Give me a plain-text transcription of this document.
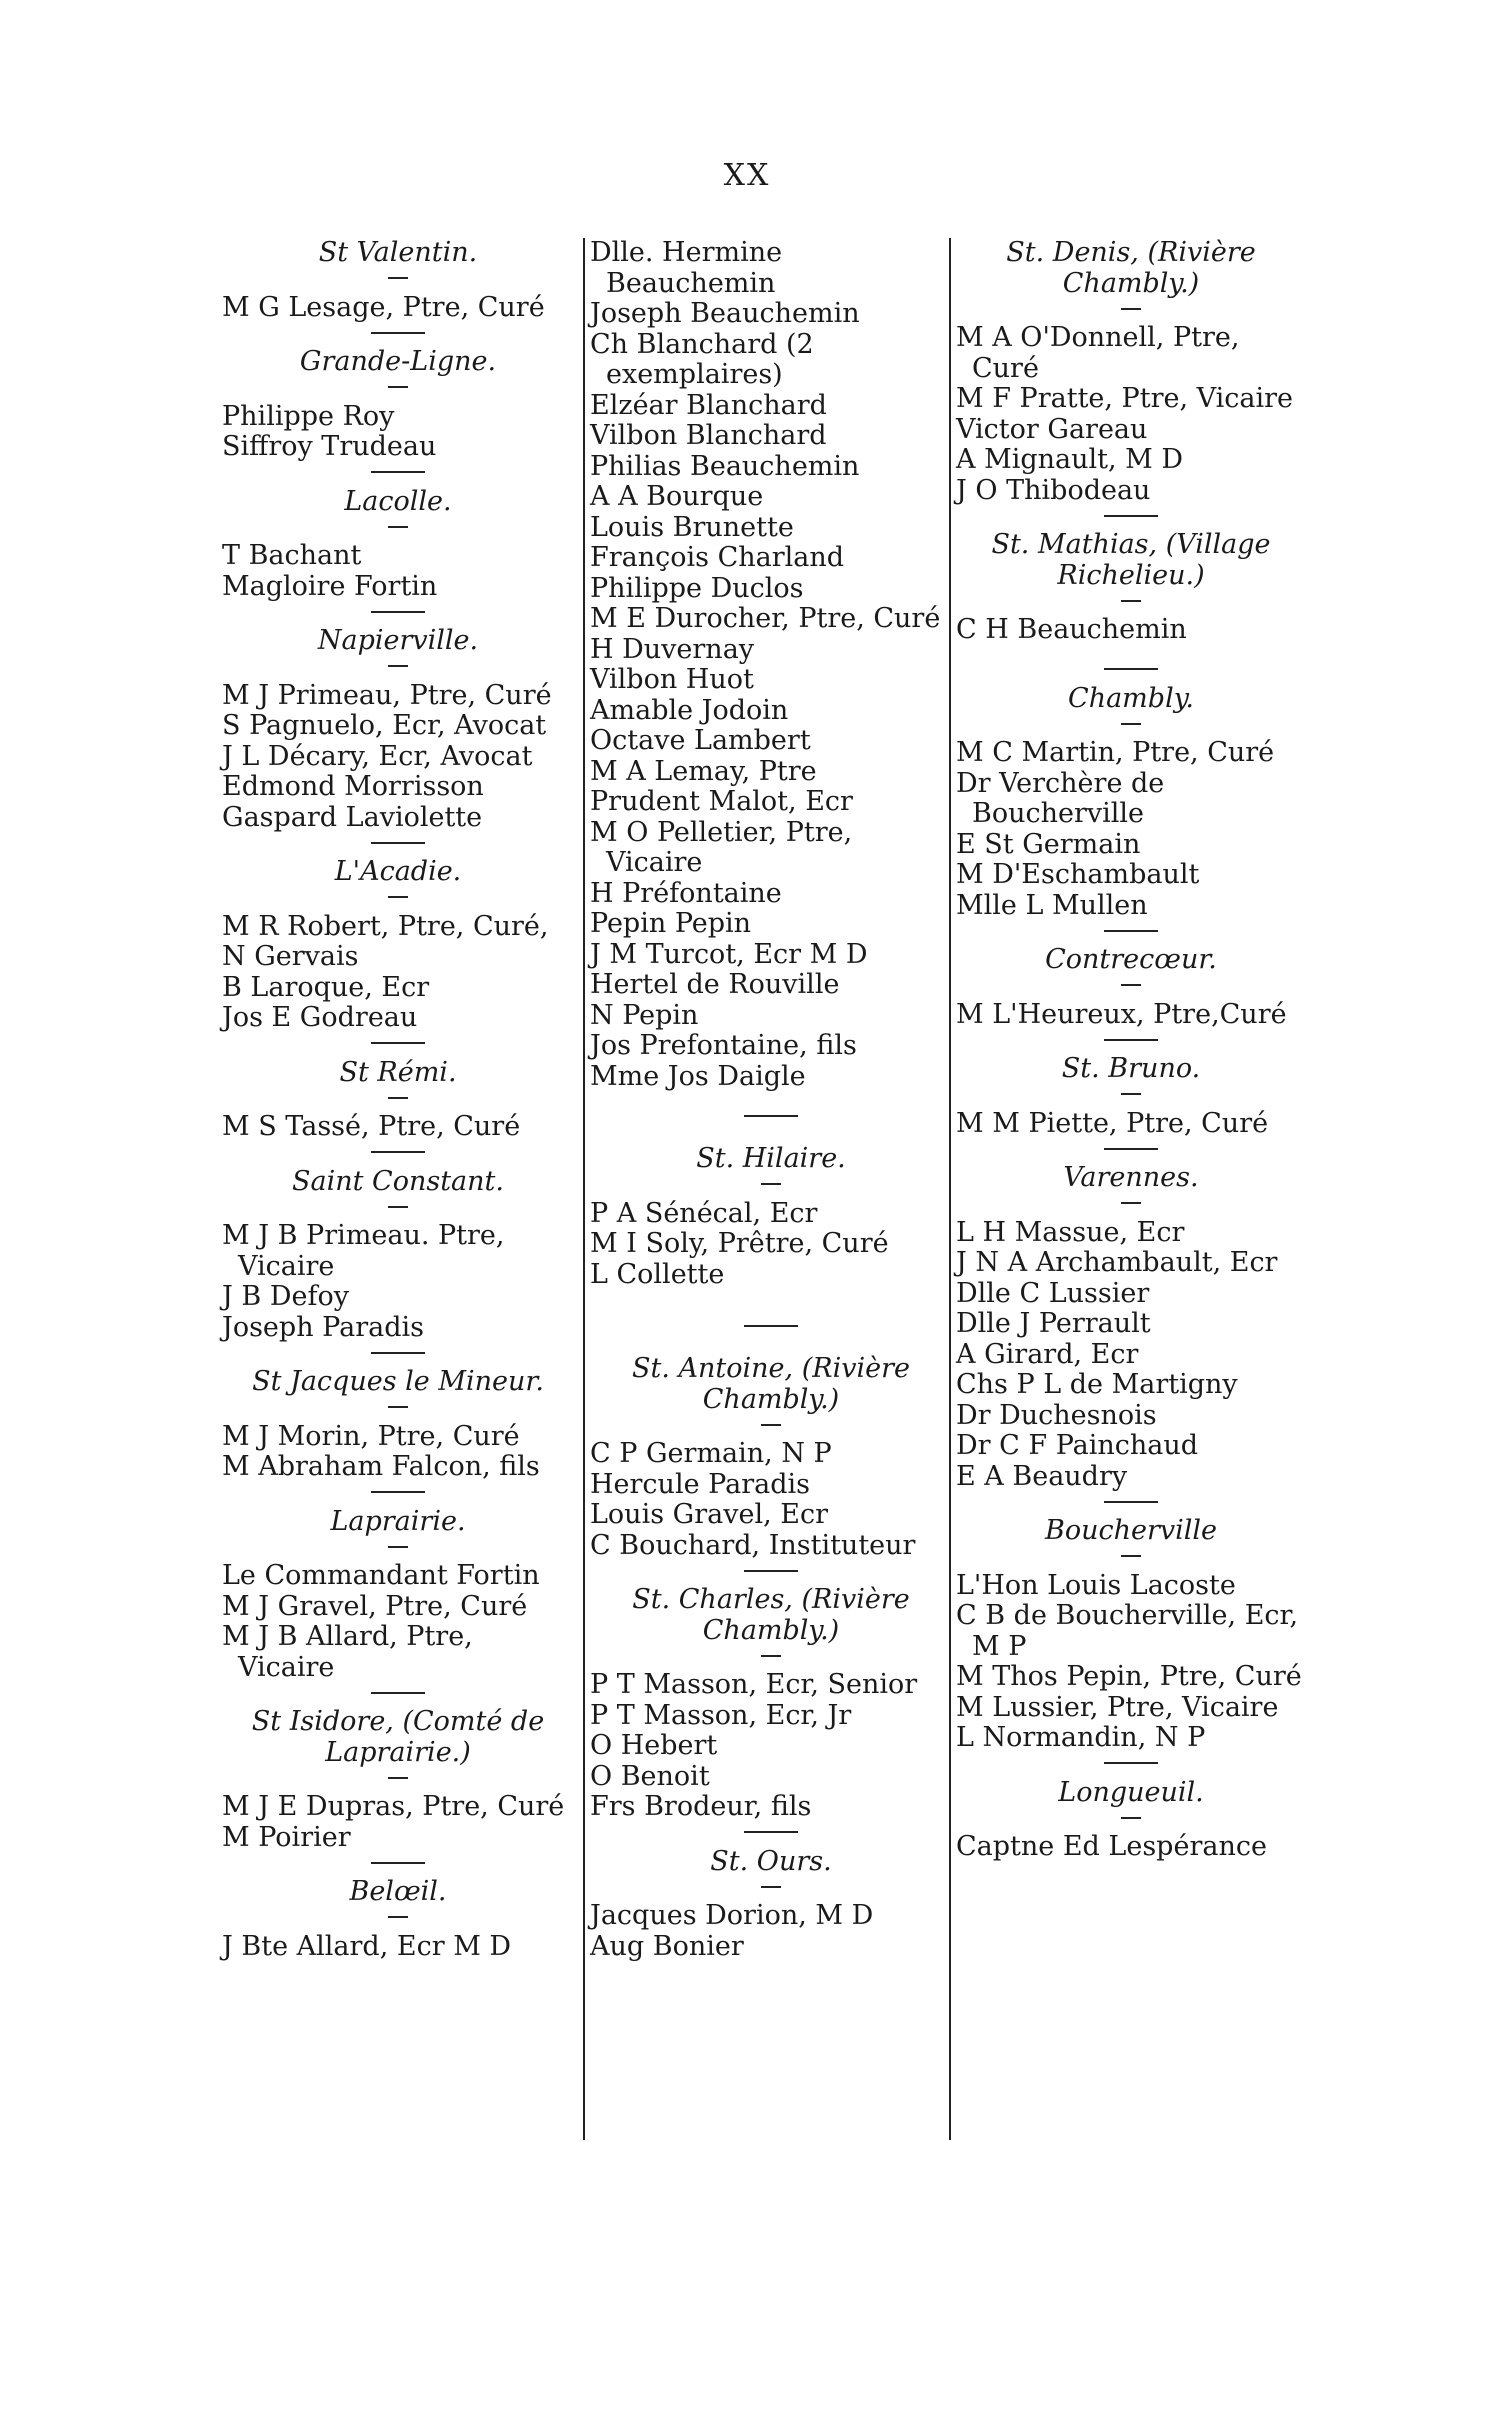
XX
St Valentin.
M G Lesage, Ptre, Curé
Grande-Ligne.
Philippe Roy
Siffroy Trudeau
Lacolle.
T Bachant
Magloire Fortin
Napierville.
M J Primeau, Ptre, Curé
S Pagnuelo, Ecr, Avocat
J L Décary, Ecr, Avocat
Edmond Morrisson
Gaspard Laviolette
L'Acadie.
M R Robert, Ptre, Curé,
N Gervais
B Laroque, Ecr
Jos E Godreau
St Rémi.
M S Tassé, Ptre, Curé
Saint Constant.
M J B Primeau. Ptre, Vicaire
J B Defoy
Joseph Paradis
St Jacques le Mineur.
M J Morin, Ptre, Curé
M Abraham Falcon, fils
Laprairie.
Le Commandant Fortin
M J Gravel, Ptre, Curé
M J B Allard, Ptre, Vicaire
St Isidore, (Comté de Laprairie.)
M J E Dupras, Ptre, Curé
M Poirier
Belœil.
J Bte Allard, Ecr M D
Dlle. Hermine Beauchemin
Joseph Beauchemin
Ch Blanchard (2 exemplaires)
Elzéar Blanchard
Vilbon Blanchard
Philias Beauchemin
A A Bourque
Louis Brunette
François Charland
Philippe Duclos
M E Durocher, Ptre, Curé
H Duvernay
Vilbon Huot
Amable Jodoin
Octave Lambert
M A Lemay, Ptre
Prudent Malot, Ecr
M O Pelletier, Ptre, Vicaire
H Préfontaine
Pepin Pepin
J M Turcot, Ecr M D
Hertel de Rouville
N Pepin
Jos Prefontaine, fils
Mme Jos Daigle
St. Hilaire.
P A Sénécal, Ecr
M I Soly, Prêtre, Curé
L Collette
St. Antoine, (Rivière Chambly.)
C P Germain, N P
Hercule Paradis
Louis Gravel, Ecr
C Bouchard, Instituteur
St. Charles, (Rivière Chambly.)
P T Masson, Ecr, Senior
P T Masson, Ecr, Jr
O Hebert
O Benoit
Frs Brodeur, fils
St. Ours.
Jacques Dorion, M D
Aug Bonier
St. Denis, (Rivière Chambly.)
M A O'Donnell, Ptre, Curé
M F Pratte, Ptre, Vicaire
Victor Gareau
A Mignault, M D
J O Thibodeau
St. Mathias, (Village Richelieu.)
C H Beauchemin
Chambly.
M C Martin, Ptre, Curé
Dr Verchère de Boucherville
E St Germain
M D'Eschambault
Mlle L Mullen
Contrecœur.
M L'Heureux, Ptre,Curé
St. Bruno.
M M Piette, Ptre, Curé
Varennes.
L H Massue, Ecr
J N A Archambault, Ecr
Dlle C Lussier
Dlle J Perrault
A Girard, Ecr
Chs P L de Martigny
Dr Duchesnois
Dr C F Painchaud
E A Beaudry
Boucherville
L'Hon Louis Lacoste
C B de Boucherville, Ecr, M P
M Thos Pepin, Ptre, Curé
M Lussier, Ptre, Vicaire
L Normandin, N P
Longueuil.
Captne Ed Lespérance
